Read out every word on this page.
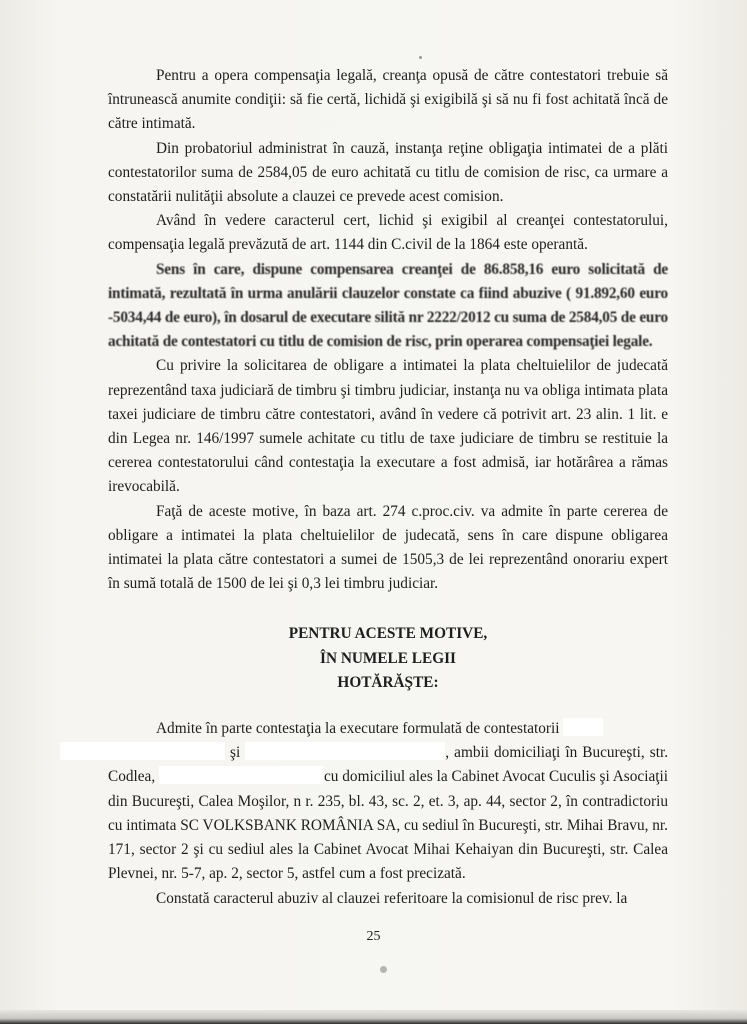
Pentru a opera compensaţia legală, creanţa opusă de către contestatori trebuie să întrunească anumite condiţii: să fie certă, lichidă şi exigibilă şi să nu fi fost achitată încă de către intimată.

Din probatoriul administrat în cauză, instanţa reţine obligaţia intimatei de a plăti contestatorilor suma de 2584,05 de euro achitată cu titlu de comision de risc, ca urmare a constatării nulităţii absolute a clauzei ce prevede acest comision.

Având în vedere caracterul cert, lichid şi exigibil al creanţei contestatorului, compensaţia legală prevăzută de art. 1144 din C.civil de la 1864 este operantă.

Sens în care, dispune compensarea creanţei de 86.858,16 euro solicitată de intimată, rezultată în urma anulării clauzelor constate ca fiind abuzive ( 91.892,60 euro -5034,44 de euro), în dosarul de executare silită nr 2222/2012 cu suma de 2584,05 de euro achitată de contestatori cu titlu de comision de risc, prin operarea compensaţiei legale.

Cu privire la solicitarea de obligare a intimatei la plata cheltuielilor de judecată reprezentând taxa judiciară de timbru şi timbru judiciar, instanţa nu va obliga intimata plata taxei judiciare de timbru către contestatori, având în vedere că potrivit art. 23 alin. 1 lit. e din Legea nr. 146/1997 sumele achitate cu titlu de taxe judiciare de timbru se restituie la cererea contestatorului când contestaţia la executare a fost admisă, iar hotărârea a rămas irevocabilă.

Faţă de aceste motive, în baza art. 274 c.proc.civ. va admite în parte cererea de obligare a intimatei la plata cheltuielilor de judecată, sens în care dispune obligarea intimatei la plata către contestatori a sumei de 1505,3 de lei reprezentând onorariu expert în sumă totală de 1500 de lei şi 0,3 lei timbru judiciar.

PENTRU ACESTE MOTIVE,
ÎN NUMELE LEGII
HOTĂRĂŞTE:

Admite în parte contestaţia la executare formulată de contestatorii
şi	, ambii domiciliaţi în Bucureşti, str. Codlea,	cu domiciliul ales la Cabinet Avocat Cuculis şi Asociaţii din Bucureşti, Calea Moşilor, n r. 235, bl. 43, sc. 2, et. 3, ap. 44, sector 2, în contradictoriu cu intimata SC VOLKSBANK ROMÂNIA SA, cu sediul în Bucureşti, str. Mihai Bravu, nr. 171, sector 2 şi cu sediul ales la Cabinet Avocat Mihai Kehaiyan din Bucureşti, str. Calea Plevnei, nr. 5-7, ap. 2, sector 5, astfel cum a fost precizată.

Constată caracterul abuziv al clauzei referitoare la comisionul de risc prev. la

25
